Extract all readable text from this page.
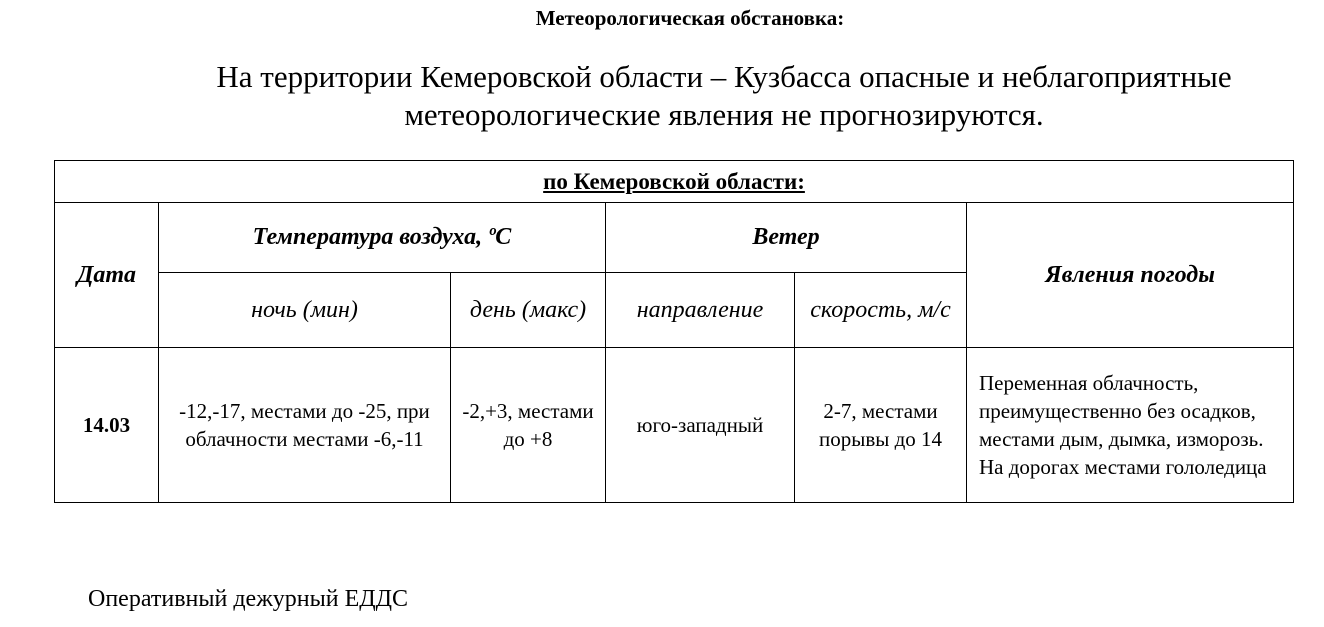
Метеорологическая обстановка:
На территории Кемеровской области – Кузбасса опасные и неблагоприятные метеорологические явления не прогнозируются.
по Кемеровской области:					
Дата	Температура воздуха, ºС		Ветер		Явления погоды
	ночь (мин)	день (макс)	направление	скорость, м/с	
14.03	-12,-17, местами до -25, при облачности местами -6,-11	-2,+3, местами до +8	юго-западный	2-7, местами порывы до 14	Переменная облачность, преимущественно без осадков, местами дым, дымка, изморозь. На дорогах местами гололедица
Оперативный дежурный ЕДДС
